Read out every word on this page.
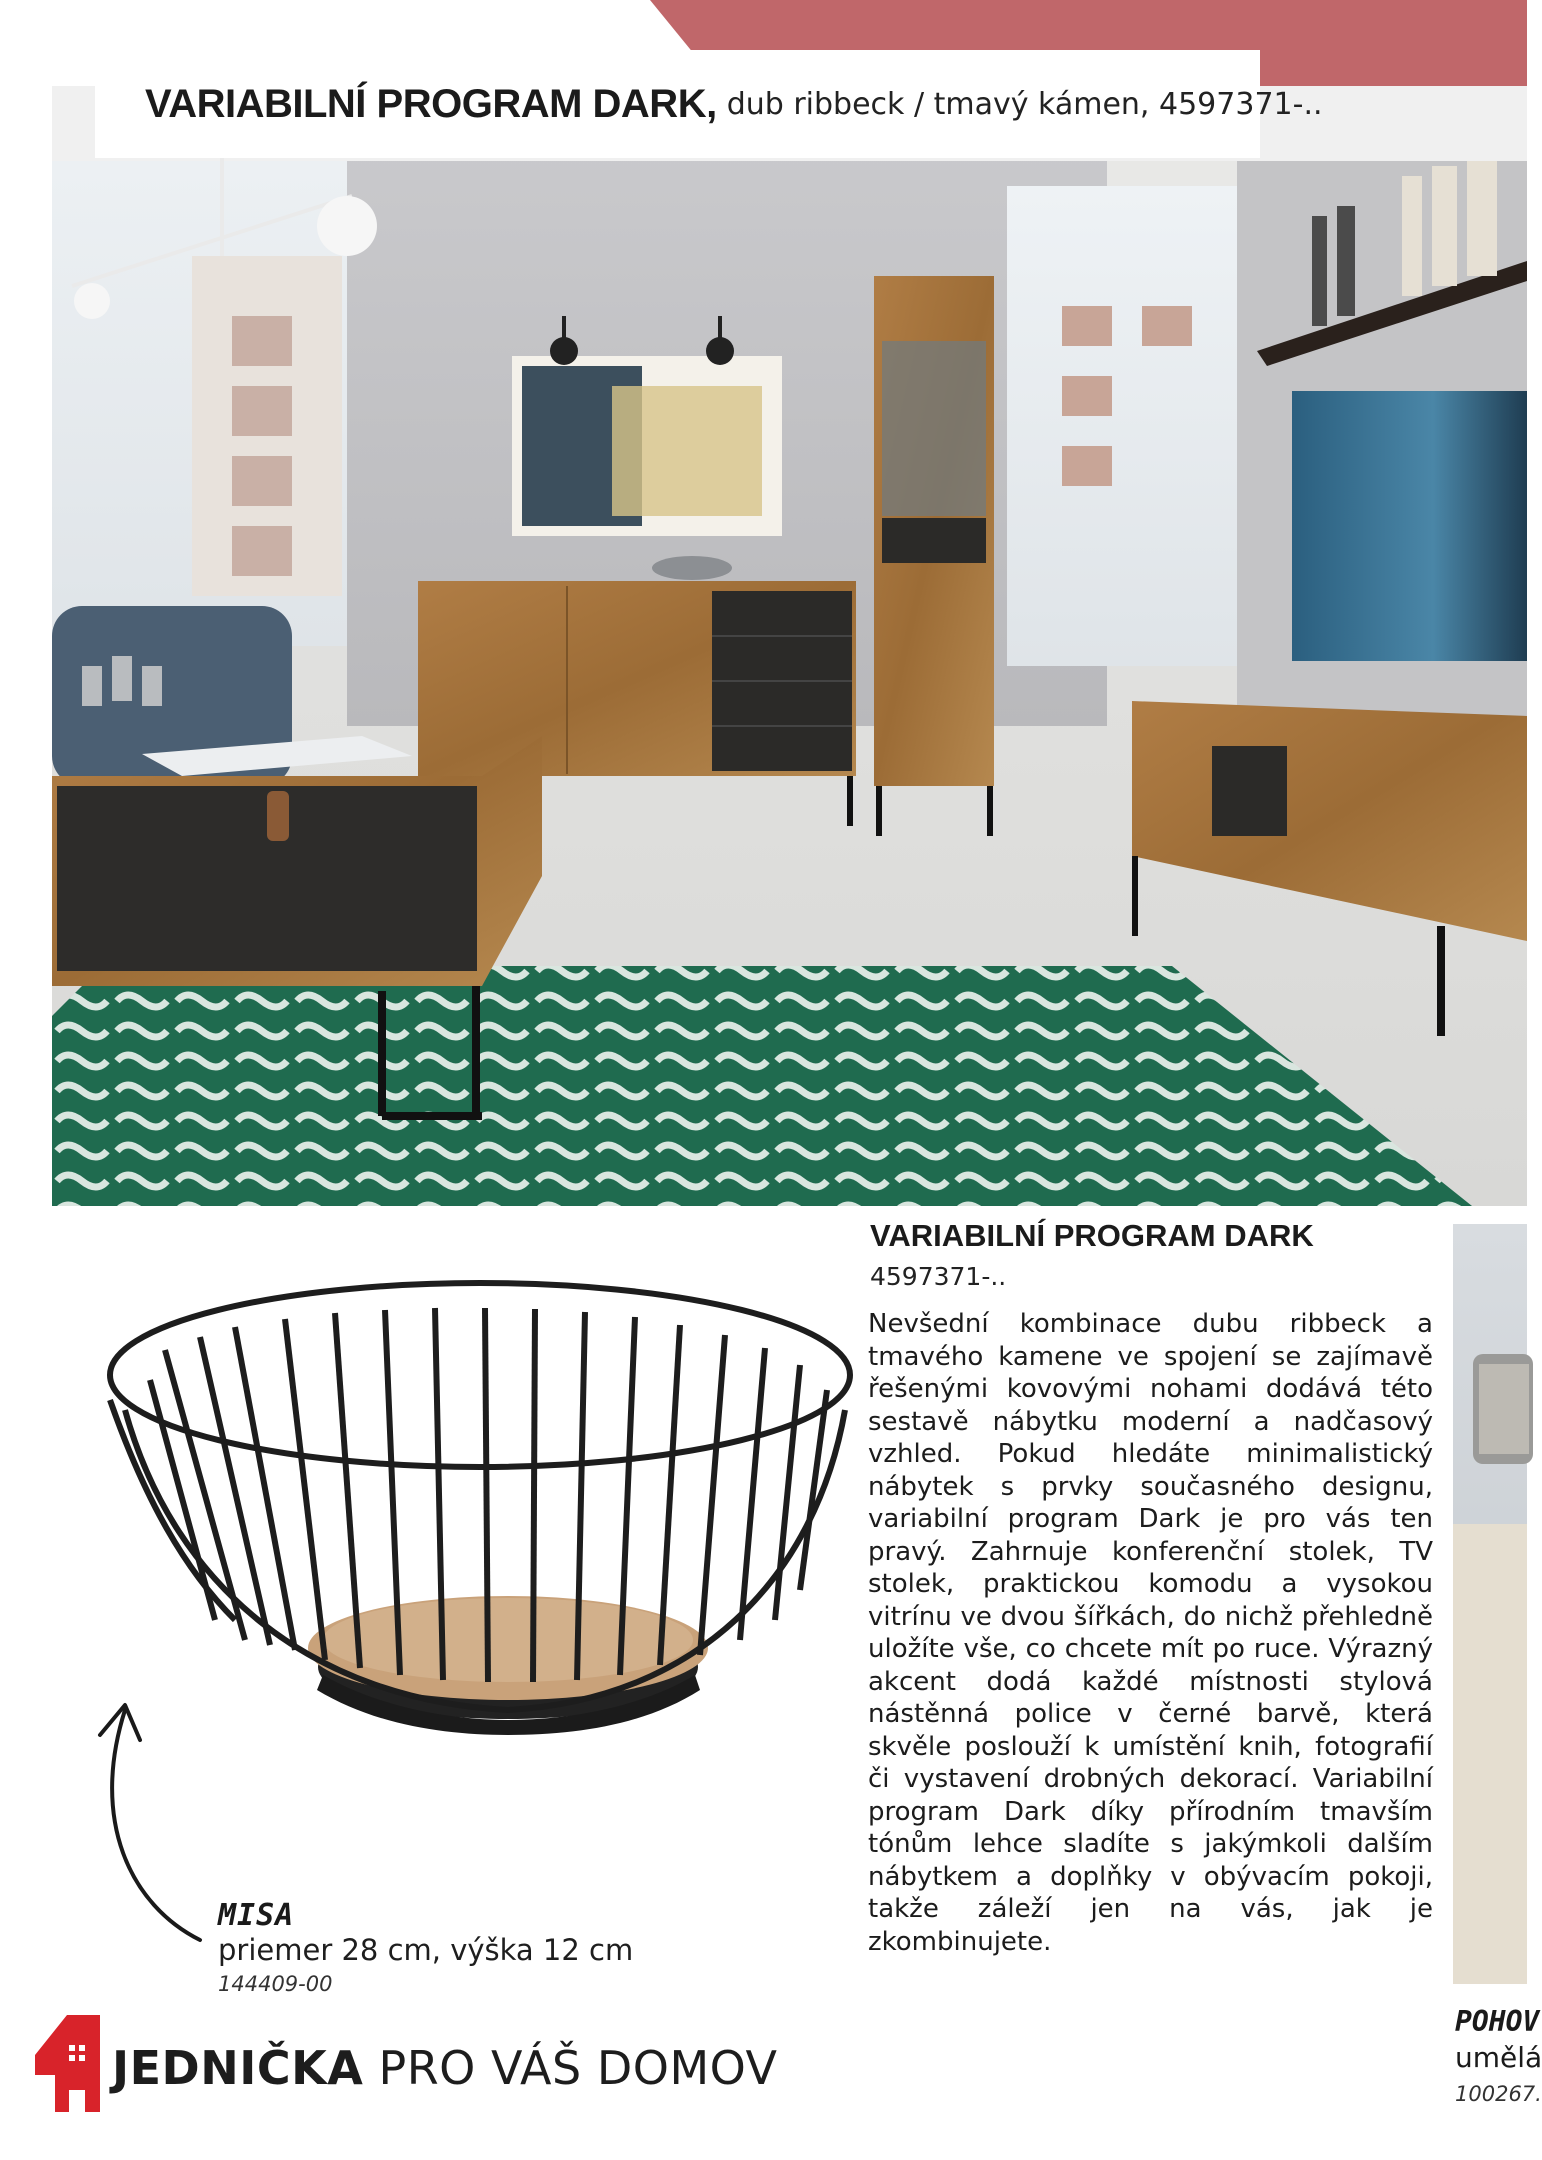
VARIABILNÍ PROGRAM DARK, dub ribbeck / tmavý kámen, 4597371-..
MISA
priemer 28 cm, výška 12 cm
144409-00
VARIABILNÍ PROGRAM DARK
4597371-..
Nevšední kombinace dubu ribbeck a tmavého kamene ve spojení se zajímavě řešenými kovovými nohami dodává této sestavě nábytku moderní a nadčasový vzhled. Pokud hledáte minimalistický nábytek s prvky současného designu, variabilní program Dark je pro vás ten pravý. Zahrnuje konferenční stolek, TV stolek, praktickou komodu a vysokou vitrínu ve dvou šířkách, do nichž přehledně uložíte vše, co chcete mít po ruce. Výrazný akcent dodá každé místnosti stylová nástěnná police v černé barvě, která skvěle poslouží k umístění knih, fotografií či vystavení drobných dekorací. Variabilní program Dark díky přírodním tmavším tónům lehce sladíte s jakýmkoli dalším nábytkem a doplňky v obývacím pokoji, takže záleží jen na vás, jak je zkombinujete.
POHOV
umělá
100267.
JEDNIČKA PRO VÁŠ DOMOV
